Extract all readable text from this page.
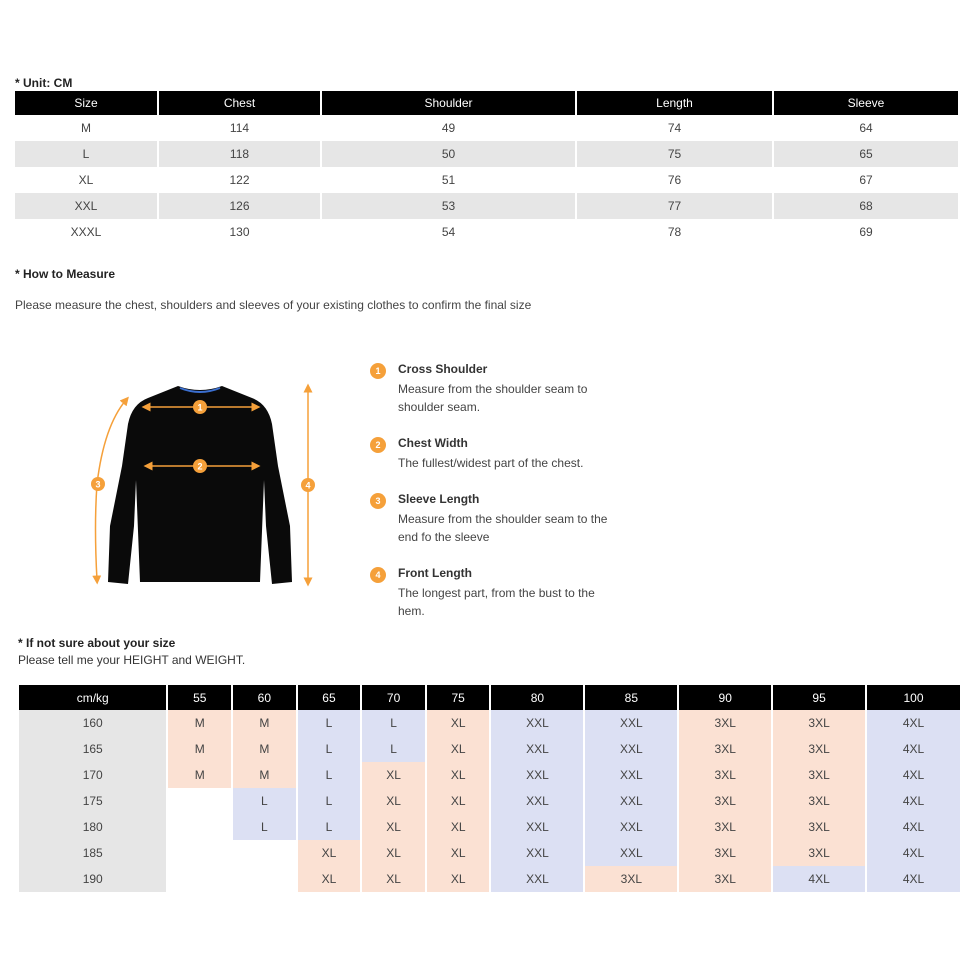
* Unit: CM
Size	Chest	Shoulder	Length	Sleeve
M	114	49	74	64
L	118	50	75	65
XL	122	51	76	67
XXL	126	53	77	68
XXXL	130	54	78	69
* How to Measure
Please measure the chest, shoulders and sleeves of your existing clothes to confirm the final size
1
2
3	4
1	Cross Shoulder
Measure from the shoulder seam to shoulder seam.
2	Chest Width
The fullest/widest part of the chest.
3	Sleeve Length
Measure from the shoulder seam to the end fo the sleeve
4	Front Length
The longest part, from the bust to the hem.
* If not sure about your size
Please tell me your HEIGHT and WEIGHT.
cm/kg	55	60	65	70	75	80	85	90	95	100
160	M	M	L	L	XL	XXL	XXL	3XL	3XL	4XL
165	M	M	L	L	XL	XXL	XXL	3XL	3XL	4XL
170	M	M	L	XL	XL	XXL	XXL	3XL	3XL	4XL
175		L	L	XL	XL	XXL	XXL	3XL	3XL	4XL
180		L	L	XL	XL	XXL	XXL	3XL	3XL	4XL
185			XL	XL	XL	XXL	XXL	3XL	3XL	4XL
190			XL	XL	XL	XXL	3XL	3XL	4XL	4XL
